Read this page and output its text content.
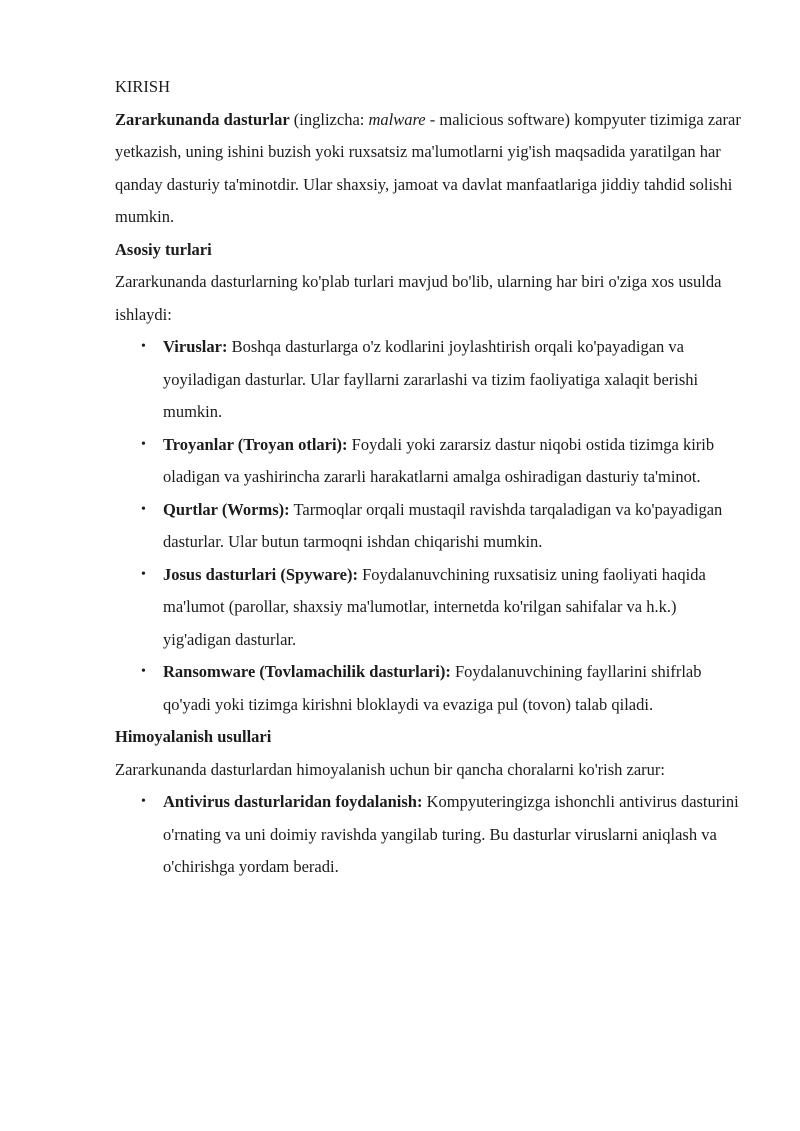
KIRISH

Zararkunanda dasturlar (inglizcha: malware - malicious software) kompyuter tizimiga zarar yetkazish, uning ishini buzish yoki ruxsatsiz ma'lumotlarni yig'ish maqsadida yaratilgan har qanday dasturiy ta'minotdir. Ular shaxsiy, jamoat va davlat manfaatlariga jiddiy tahdid solishi mumkin.

Asosiy turlari

Zararkunanda dasturlarning ko'plab turlari mavjud bo'lib, ularning har biri o'ziga xos usulda ishlaydi:

• Viruslar: Boshqa dasturlarga o'z kodlarini joylashtirish orqali ko'payadigan va yoyiladigan dasturlar. Ular fayllarni zararlashi va tizim faoliyatiga xalaqit berishi mumkin.
• Troyanlar (Troyan otlari): Foydali yoki zararsiz dastur niqobi ostida tizimga kirib oladigan va yashirincha zararli harakatlarni amalga oshiradigan dasturiy ta'minot.
• Qurtlar (Worms): Tarmoqlar orqali mustaqil ravishda tarqaladigan va ko'payadigan dasturlar. Ular butun tarmoqni ishdan chiqarishi mumkin.
• Josus dasturlari (Spyware): Foydalanuvchining ruxsatisiz uning faoliyati haqida ma'lumot (parollar, shaxsiy ma'lumotlar, internetda ko'rilgan sahifalar va h.k.) yig'adigan dasturlar.
• Ransomware (Tovlamachilik dasturlari): Foydalanuvchining fayllarini shifrlab qo'yadi yoki tizimga kirishni bloklaydi va evaziga pul (tovon) talab qiladi.
Himoyalanish usullari

Zararkunanda dasturlardan himoyalanish uchun bir qancha choralarni ko'rish zarur:

• Antivirus dasturlaridan foydalanish: Kompyuteringizga ishonchli antivirus dasturini o'rnating va uni doimiy ravishda yangilab turing. Bu dasturlar viruslarni aniqlash va o'chirishga yordam beradi.
